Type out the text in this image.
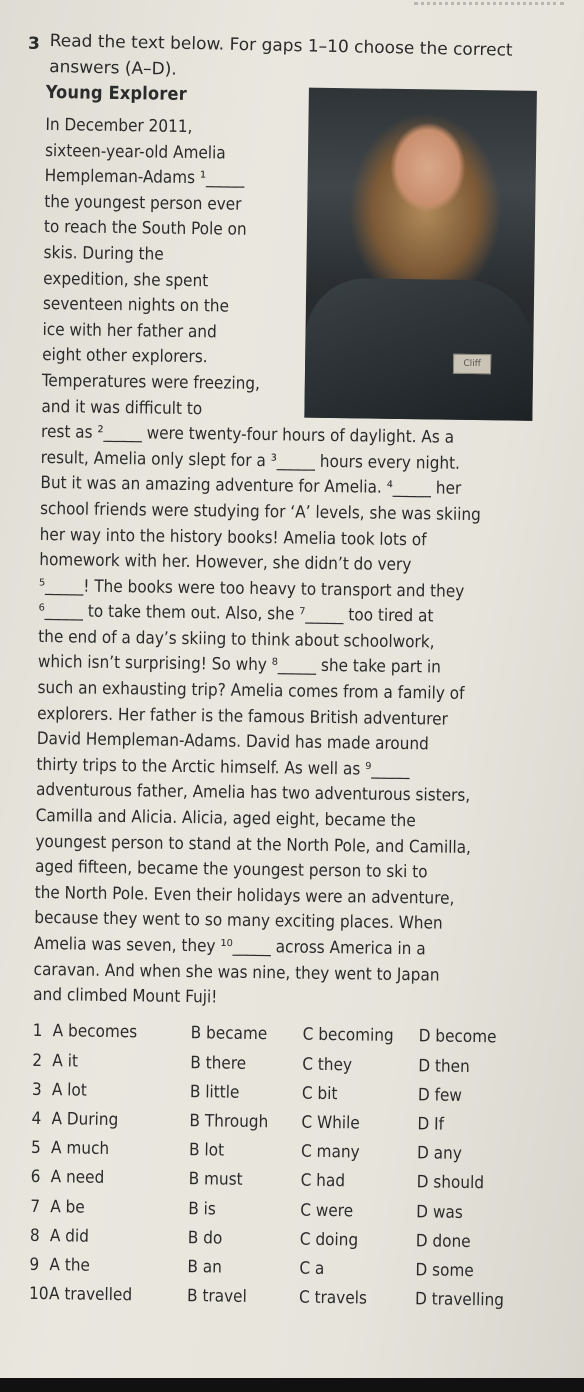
3 Read the text below. For gaps 1–10 choose the correct answers (A–D).
Young Explorer
Cliff

In December 2011,

sixteen-year-old Amelia

Hempleman-Adams ¹_____

the youngest person ever

to reach the South Pole on

skis. During the

expedition, she spent

seventeen nights on the

ice with her father and

eight other explorers.

Temperatures were freezing,

and it was difficult to

rest as ²_____ were twenty-four hours of daylight. As a

result, Amelia only slept for a ³_____ hours every night.

But it was an amazing adventure for Amelia. ⁴_____ her

school friends were studying for ‘A’ levels, she was skiing

her way into the history books! Amelia took lots of

homework with her. However, she didn’t do very

⁵_____! The books were too heavy to transport and they

⁶_____ to take them out. Also, she ⁷_____ too tired at

the end of a day’s skiing to think about schoolwork,

which isn’t surprising! So why ⁸_____ she take part in

such an exhausting trip? Amelia comes from a family of

explorers. Her father is the famous British adventurer

David Hempleman-Adams. David has made around

thirty trips to the Arctic himself. As well as ⁹_____

adventurous father, Amelia has two adventurous sisters,

Camilla and Alicia. Alicia, aged eight, became the

youngest person to stand at the North Pole, and Camilla,

aged fifteen, became the youngest person to ski to

the North Pole. Even their holidays were an adventure,

because they went to so many exciting places. When

Amelia was seven, they ¹⁰_____ across America in a

caravan. And when she was nine, they went to Japan

and climbed Mount Fuji!

1 A becomes	B became	C becoming	D become
2 A it	B there	C they	D then
3 A lot	B little	C bit	D few
4 A During	B Through	C While	D If
5 A much	B lot	C many	D any
6 A need	B must	C had	D should
7 A be	B is	C were	D was
8 A did	B do	C doing	D done
9 A the	B an	C a	D some
10 A travelled	B travel	C travels	D travelling
